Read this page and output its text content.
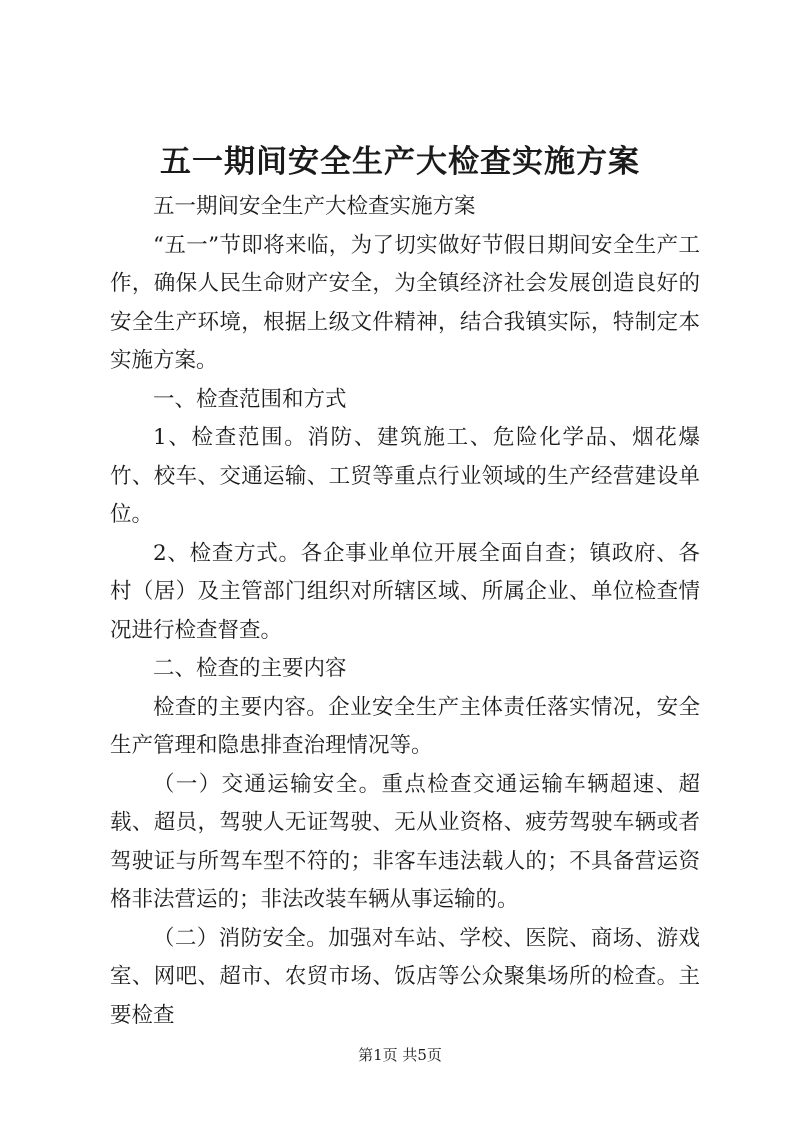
五一期间安全生产大检查实施方案

五一期间安全生产大检查实施方案

“五一”节即将来临，为了切实做好节假日期间安全生产工作，确保人民生命财产安全，为全镇经济社会发展创造良好的安全生产环境，根据上级文件精神，结合我镇实际，特制定本实施方案。

一、检查范围和方式

1、检查范围。消防、建筑施工、危险化学品、烟花爆竹、校车、交通运输、工贸等重点行业领域的生产经营建设单位。

2、检查方式。各企事业单位开展全面自查；镇政府、各村（居）及主管部门组织对所辖区域、所属企业、单位检查情况进行检查督查。

二、检查的主要内容

检查的主要内容。企业安全生产主体责任落实情况，安全生产管理和隐患排查治理情况等。

（一）交通运输安全。重点检查交通运输车辆超速、超载、超员，驾驶人无证驾驶、无从业资格、疲劳驾驶车辆或者驾驶证与所驾车型不符的；非客车违法载人的；不具备营运资格非法营运的；非法改装车辆从事运输的。

（二）消防安全。加强对车站、学校、医院、商场、游戏室、网吧、超市、农贸市场、饭店等公众聚集场所的检查。主要检查

第1页 共5页
